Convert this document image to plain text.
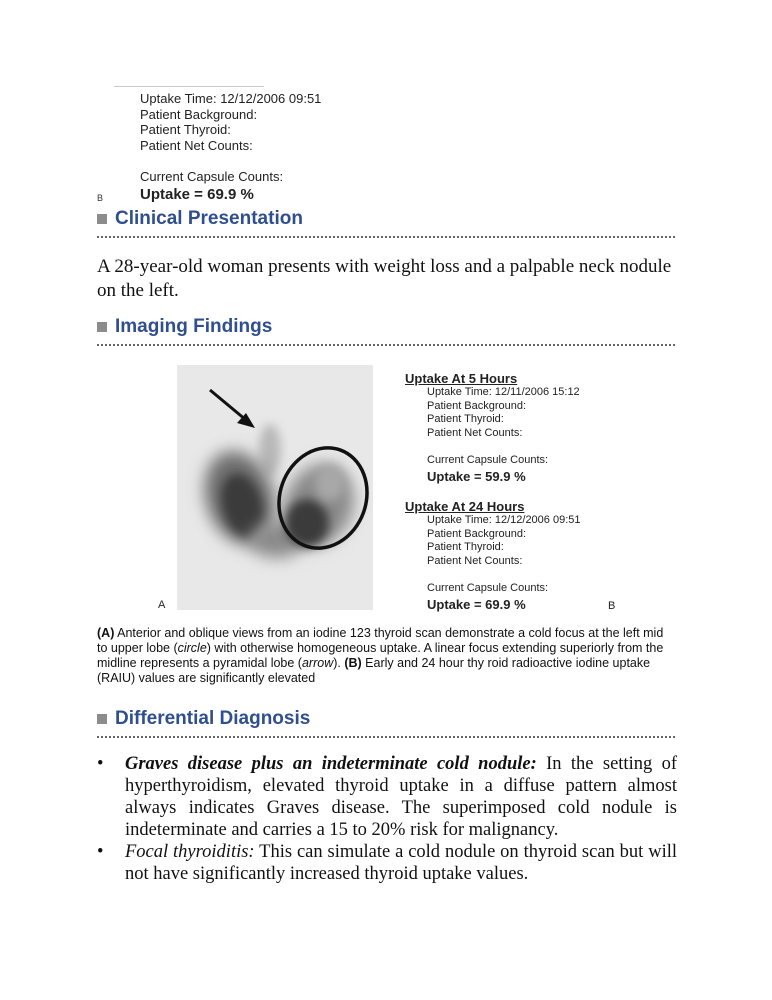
Uptake Time: 12/12/2006 09:51
Patient Background:
Patient Thyroid:
Patient Net Counts:
Current Capsule Counts:
Uptake = 69.9 %
B
Clinical Presentation
A 28-year-old woman presents with weight loss and a palpable neck nodule on the left.
Imaging Findings
A	B
Uptake At 5 Hours
Uptake Time: 12/11/2006 15:12
Patient Background:
Patient Thyroid:
Patient Net Counts:
Current Capsule Counts:
Uptake = 59.9 %
Uptake At 24 Hours
Uptake Time: 12/12/2006 09:51
Patient Background:
Patient Thyroid:
Patient Net Counts:
Current Capsule Counts:
Uptake = 69.9 %
(A) Anterior and oblique views from an iodine 123 thyroid scan demonstrate a cold focus at the left mid to upper lobe (circle) with otherwise homogeneous uptake. A linear focus extending superiorly from the midline represents a pyramidal lobe (arrow). (B) Early and 24 hour thy roid radioactive iodine uptake (RAIU) values are significantly elevated
Differential Diagnosis
•	Graves disease plus an indeterminate cold nodule: In the setting of hyperthyroidism, elevated thyroid uptake in a diffuse pattern almost always indicates Graves disease. The superimposed cold nodule is indeterminate and carries a 15 to 20% risk for malignancy.
•	Focal thyroiditis: This can simulate a cold nodule on thyroid scan but will not have significantly increased thyroid uptake values.
